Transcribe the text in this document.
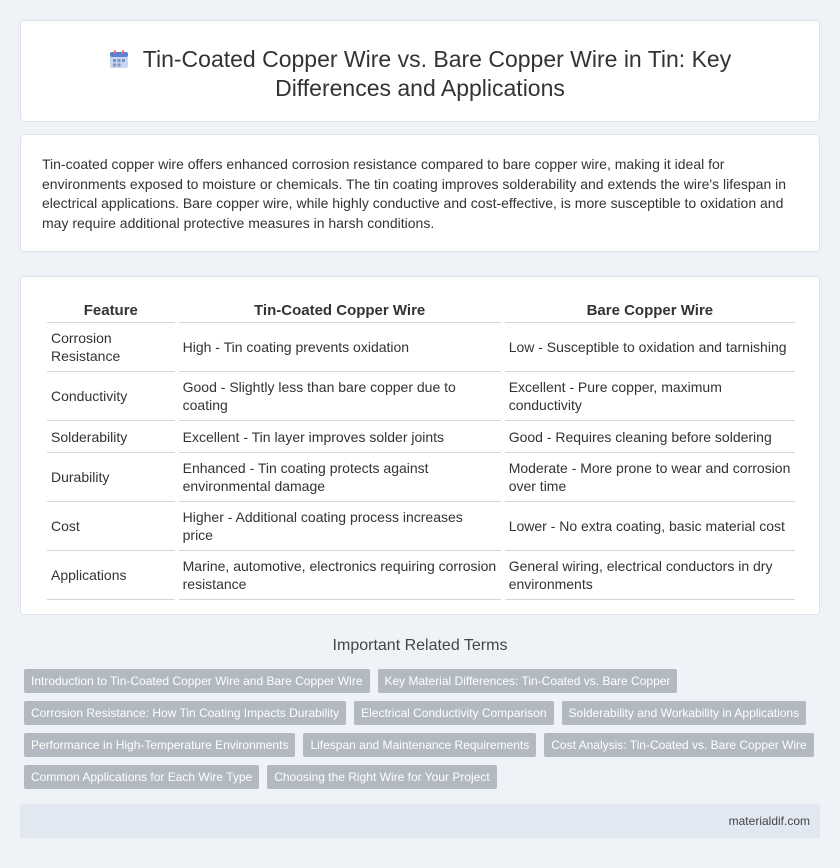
Tin-Coated Copper Wire vs. Bare Copper Wire in Tin: Key Differences and Applications

Tin-coated copper wire offers enhanced corrosion resistance compared to bare copper wire, making it ideal for environments exposed to moisture or chemicals. The tin coating improves solderability and extends the wire's lifespan in electrical applications. Bare copper wire, while highly conductive and cost-effective, is more susceptible to oxidation and may require additional protective measures in harsh conditions.

Feature	Tin-Coated Copper Wire	Bare Copper Wire
Corrosion Resistance	High - Tin coating prevents oxidation	Low - Susceptible to oxidation and tarnishing
Conductivity	Good - Slightly less than bare copper due to coating	Excellent - Pure copper, maximum conductivity
Solderability	Excellent - Tin layer improves solder joints	Good - Requires cleaning before soldering
Durability	Enhanced - Tin coating protects against environmental damage	Moderate - More prone to wear and corrosion over time
Cost	Higher - Additional coating process increases price	Lower - No extra coating, basic material cost
Applications	Marine, automotive, electronics requiring corrosion resistance	General wiring, electrical conductors in dry environments
Important Related Terms
Introduction to Tin-Coated Copper Wire and Bare Copper Wire	Key Material Differences: Tin-Coated vs. Bare Copper
Corrosion Resistance: How Tin Coating Impacts Durability	Electrical Conductivity Comparison	Solderability and Workability in Applications
Performance in High-Temperature Environments	Lifespan and Maintenance Requirements	Cost Analysis: Tin-Coated vs. Bare Copper Wire
Common Applications for Each Wire Type	Choosing the Right Wire for Your Project
materialdif.com
